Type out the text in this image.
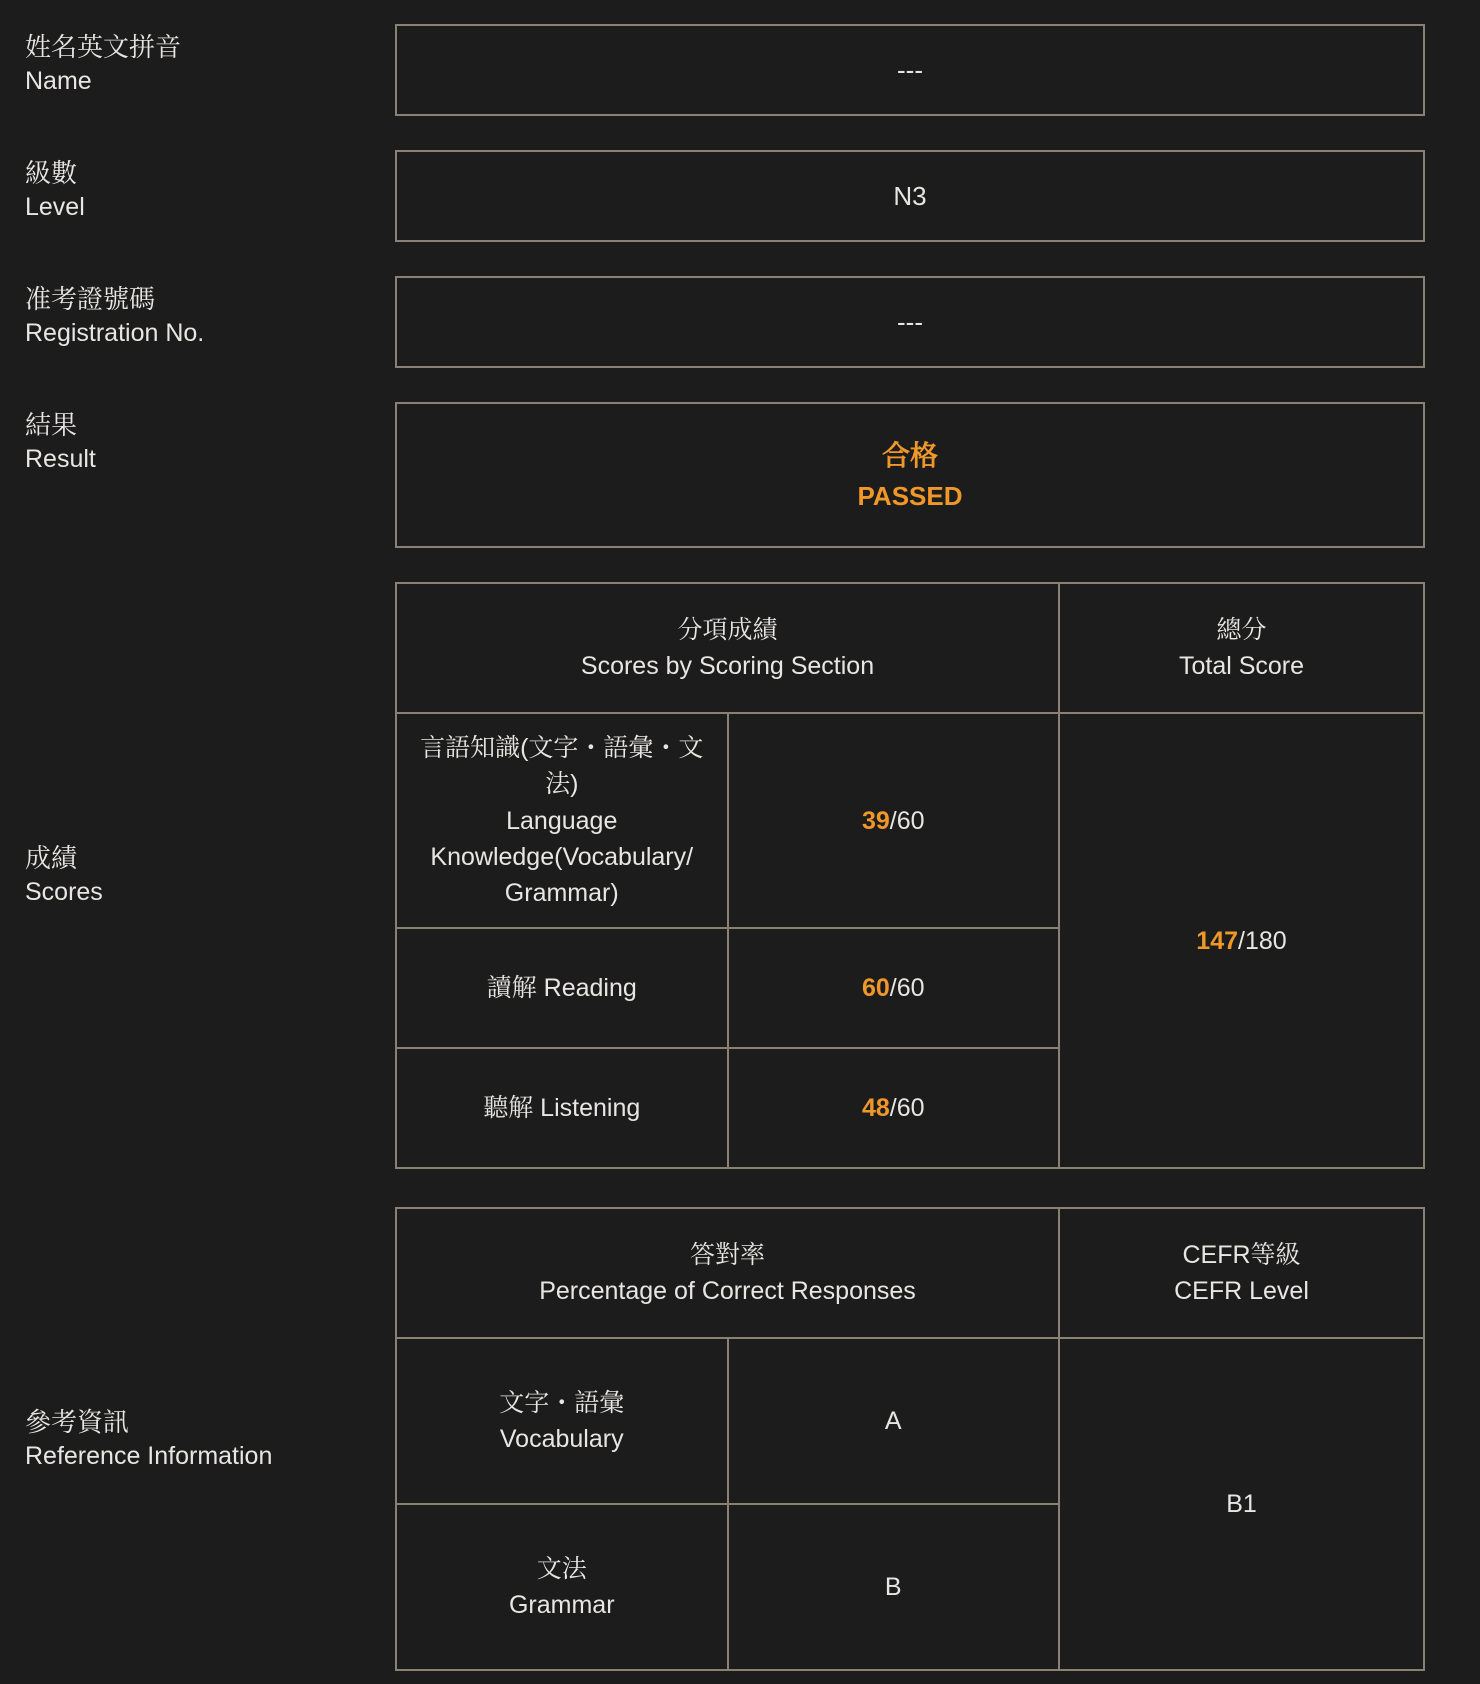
姓名英文拼音
Name	---
級數
Level	N3
准考證號碼
Registration No.	---
結果
Result	合格
PASSED
成績
Scores
分項成績
Scores by Scoring Section		總分
Total Score

言語知識(文字・語彙・文法)
Language Knowledge(Vocabulary/ Grammar)	39/60	147/180
讀解 Reading	60/60	
聽解 Listening	48/60	
參考資訊
Reference Information
答對率
Percentage of Correct Responses		CEFR等級
CEFR Level

文字・語彙
Vocabulary	A	B1

文法
Grammar	B	
